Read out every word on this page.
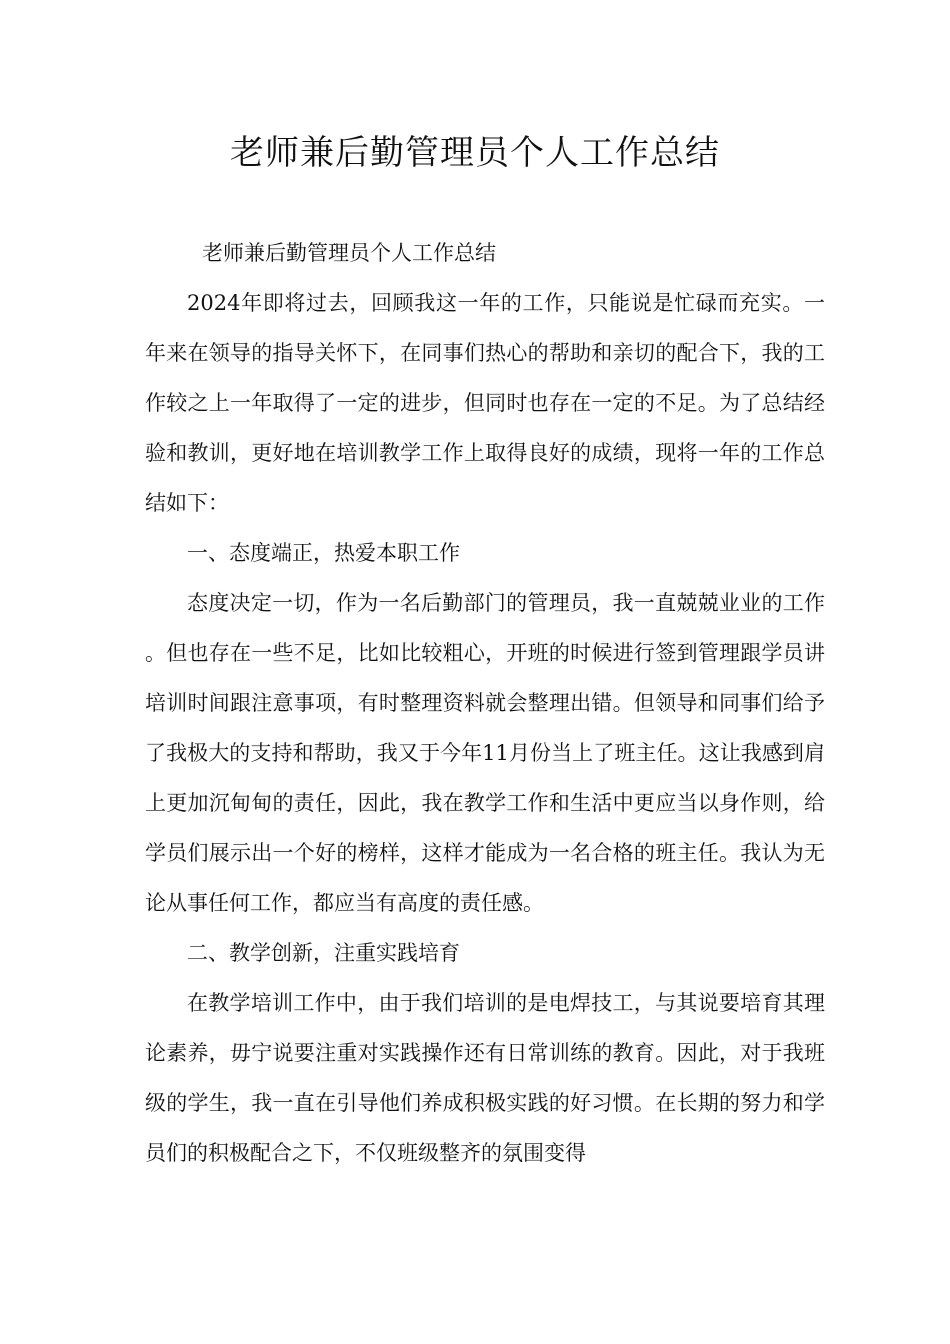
老师兼后勤管理员个人工作总结

老师兼后勤管理员个人工作总结

2024年即将过去，回顾我这一年的工作，只能说是忙碌而充实。一年来在领导的指导关怀下，在同事们热心的帮助和亲切的配合下，我的工作较之上一年取得了一定的进步，但同时也存在一定的不足。为了总结经验和教训，更好地在培训教学工作上取得良好的成绩，现将一年的工作总结如下：

一、态度端正，热爱本职工作

态度决定一切，作为一名后勤部门的管理员，我一直兢兢业业的工作。但也存在一些不足，比如比较粗心，开班的时候进行签到管理跟学员讲培训时间跟注意事项，有时整理资料就会整理出错。但领导和同事们给予了我极大的支持和帮助，我又于今年11月份当上了班主任。这让我感到肩上更加沉甸甸的责任，因此，我在教学工作和生活中更应当以身作则，给学员们展示出一个好的榜样，这样才能成为一名合格的班主任。我认为无论从事任何工作，都应当有高度的责任感。

二、教学创新，注重实践培育

在教学培训工作中，由于我们培训的是电焊技工，与其说要培育其理论素养，毋宁说要注重对实践操作还有日常训练的教育。因此，对于我班级的学生，我一直在引导他们养成积极实践的好习惯。在长期的努力和学员们的积极配合之下，不仅班级整齐的氛围变得
